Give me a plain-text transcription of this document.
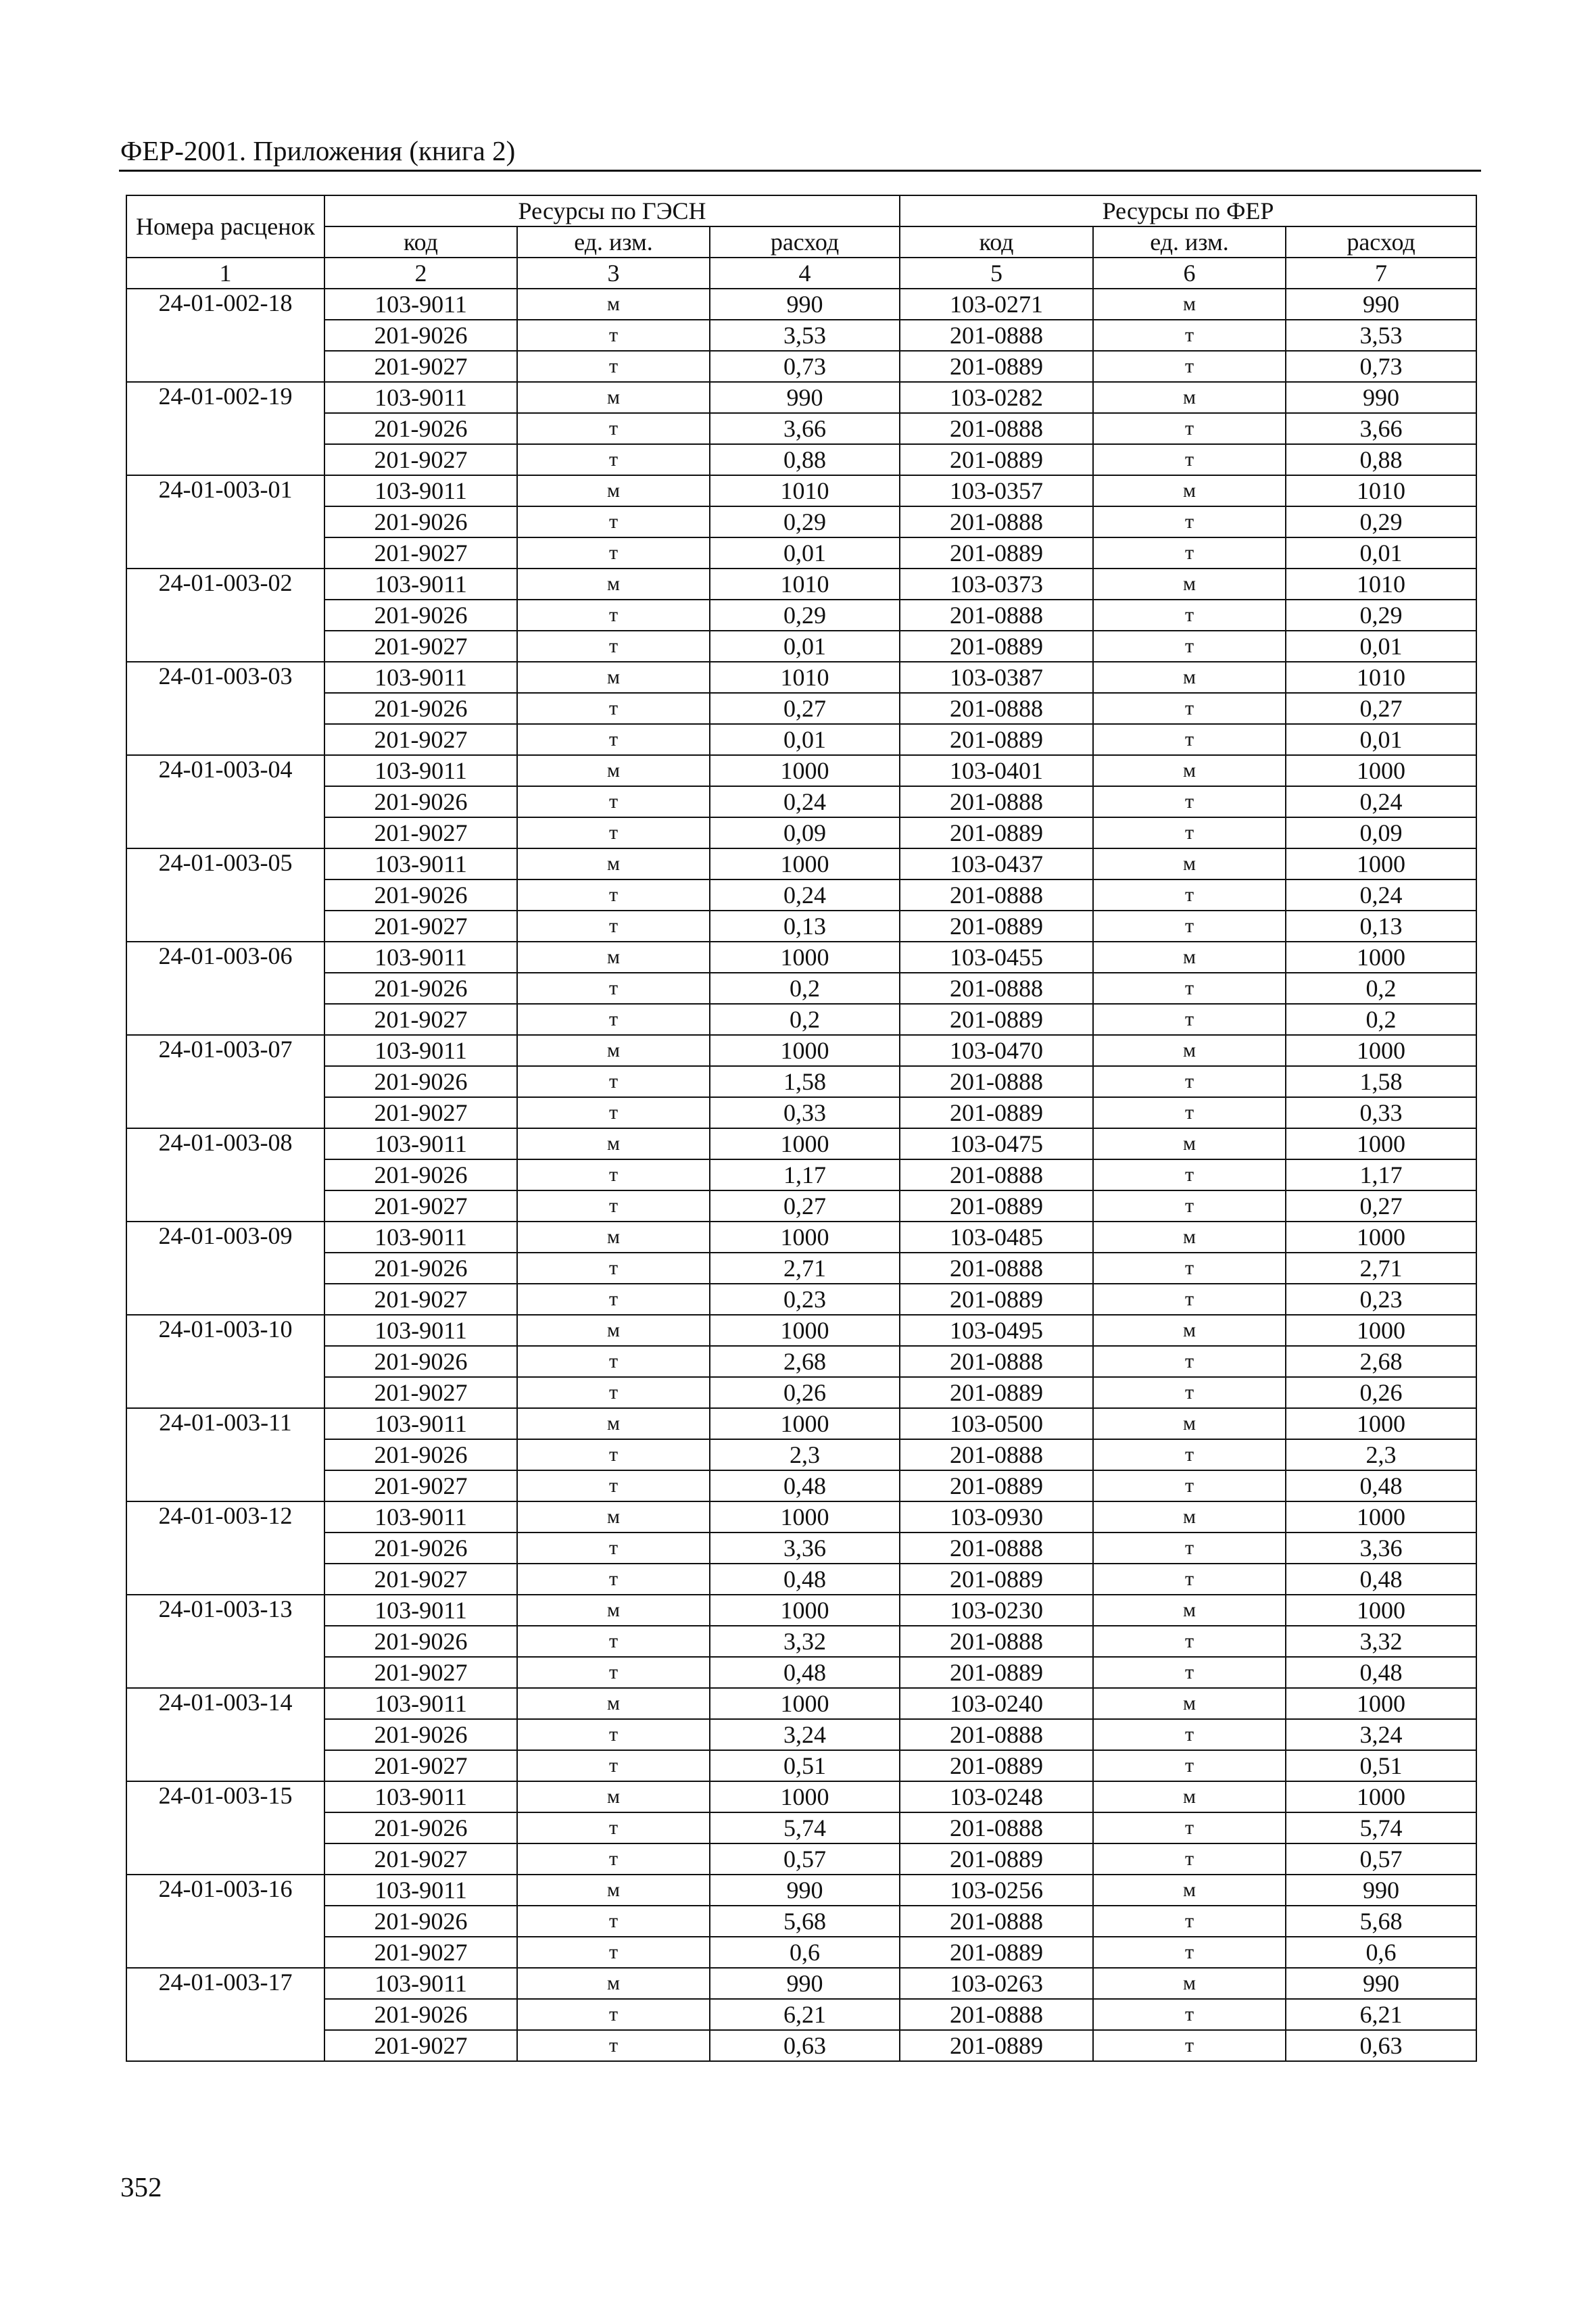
ФЕР-2001. Приложения (книга 2)
Номера расценок	Ресурсы по ГЭСН			Ресурсы по ФЕР		
	код	ед. изм.	расход	код	ед. изм.	расход
1	2	3	4	5	6	7
24-01-002-18	103-9011	м	990	103-0271	м	990
	201-9026	т	3,53	201-0888	т	3,53
	201-9027	т	0,73	201-0889	т	0,73
24-01-002-19	103-9011	м	990	103-0282	м	990
	201-9026	т	3,66	201-0888	т	3,66
	201-9027	т	0,88	201-0889	т	0,88
24-01-003-01	103-9011	м	1010	103-0357	м	1010
	201-9026	т	0,29	201-0888	т	0,29
	201-9027	т	0,01	201-0889	т	0,01
24-01-003-02	103-9011	м	1010	103-0373	м	1010
	201-9026	т	0,29	201-0888	т	0,29
	201-9027	т	0,01	201-0889	т	0,01
24-01-003-03	103-9011	м	1010	103-0387	м	1010
	201-9026	т	0,27	201-0888	т	0,27
	201-9027	т	0,01	201-0889	т	0,01
24-01-003-04	103-9011	м	1000	103-0401	м	1000
	201-9026	т	0,24	201-0888	т	0,24
	201-9027	т	0,09	201-0889	т	0,09
24-01-003-05	103-9011	м	1000	103-0437	м	1000
	201-9026	т	0,24	201-0888	т	0,24
	201-9027	т	0,13	201-0889	т	0,13
24-01-003-06	103-9011	м	1000	103-0455	м	1000
	201-9026	т	0,2	201-0888	т	0,2
	201-9027	т	0,2	201-0889	т	0,2
24-01-003-07	103-9011	м	1000	103-0470	м	1000
	201-9026	т	1,58	201-0888	т	1,58
	201-9027	т	0,33	201-0889	т	0,33
24-01-003-08	103-9011	м	1000	103-0475	м	1000
	201-9026	т	1,17	201-0888	т	1,17
	201-9027	т	0,27	201-0889	т	0,27
24-01-003-09	103-9011	м	1000	103-0485	м	1000
	201-9026	т	2,71	201-0888	т	2,71
	201-9027	т	0,23	201-0889	т	0,23
24-01-003-10	103-9011	м	1000	103-0495	м	1000
	201-9026	т	2,68	201-0888	т	2,68
	201-9027	т	0,26	201-0889	т	0,26
24-01-003-11	103-9011	м	1000	103-0500	м	1000
	201-9026	т	2,3	201-0888	т	2,3
	201-9027	т	0,48	201-0889	т	0,48
24-01-003-12	103-9011	м	1000	103-0930	м	1000
	201-9026	т	3,36	201-0888	т	3,36
	201-9027	т	0,48	201-0889	т	0,48
24-01-003-13	103-9011	м	1000	103-0230	м	1000
	201-9026	т	3,32	201-0888	т	3,32
	201-9027	т	0,48	201-0889	т	0,48
24-01-003-14	103-9011	м	1000	103-0240	м	1000
	201-9026	т	3,24	201-0888	т	3,24
	201-9027	т	0,51	201-0889	т	0,51
24-01-003-15	103-9011	м	1000	103-0248	м	1000
	201-9026	т	5,74	201-0888	т	5,74
	201-9027	т	0,57	201-0889	т	0,57
24-01-003-16	103-9011	м	990	103-0256	м	990
	201-9026	т	5,68	201-0888	т	5,68
	201-9027	т	0,6	201-0889	т	0,6
24-01-003-17	103-9011	м	990	103-0263	м	990
	201-9026	т	6,21	201-0888	т	6,21
	201-9027	т	0,63	201-0889	т	0,63
352
